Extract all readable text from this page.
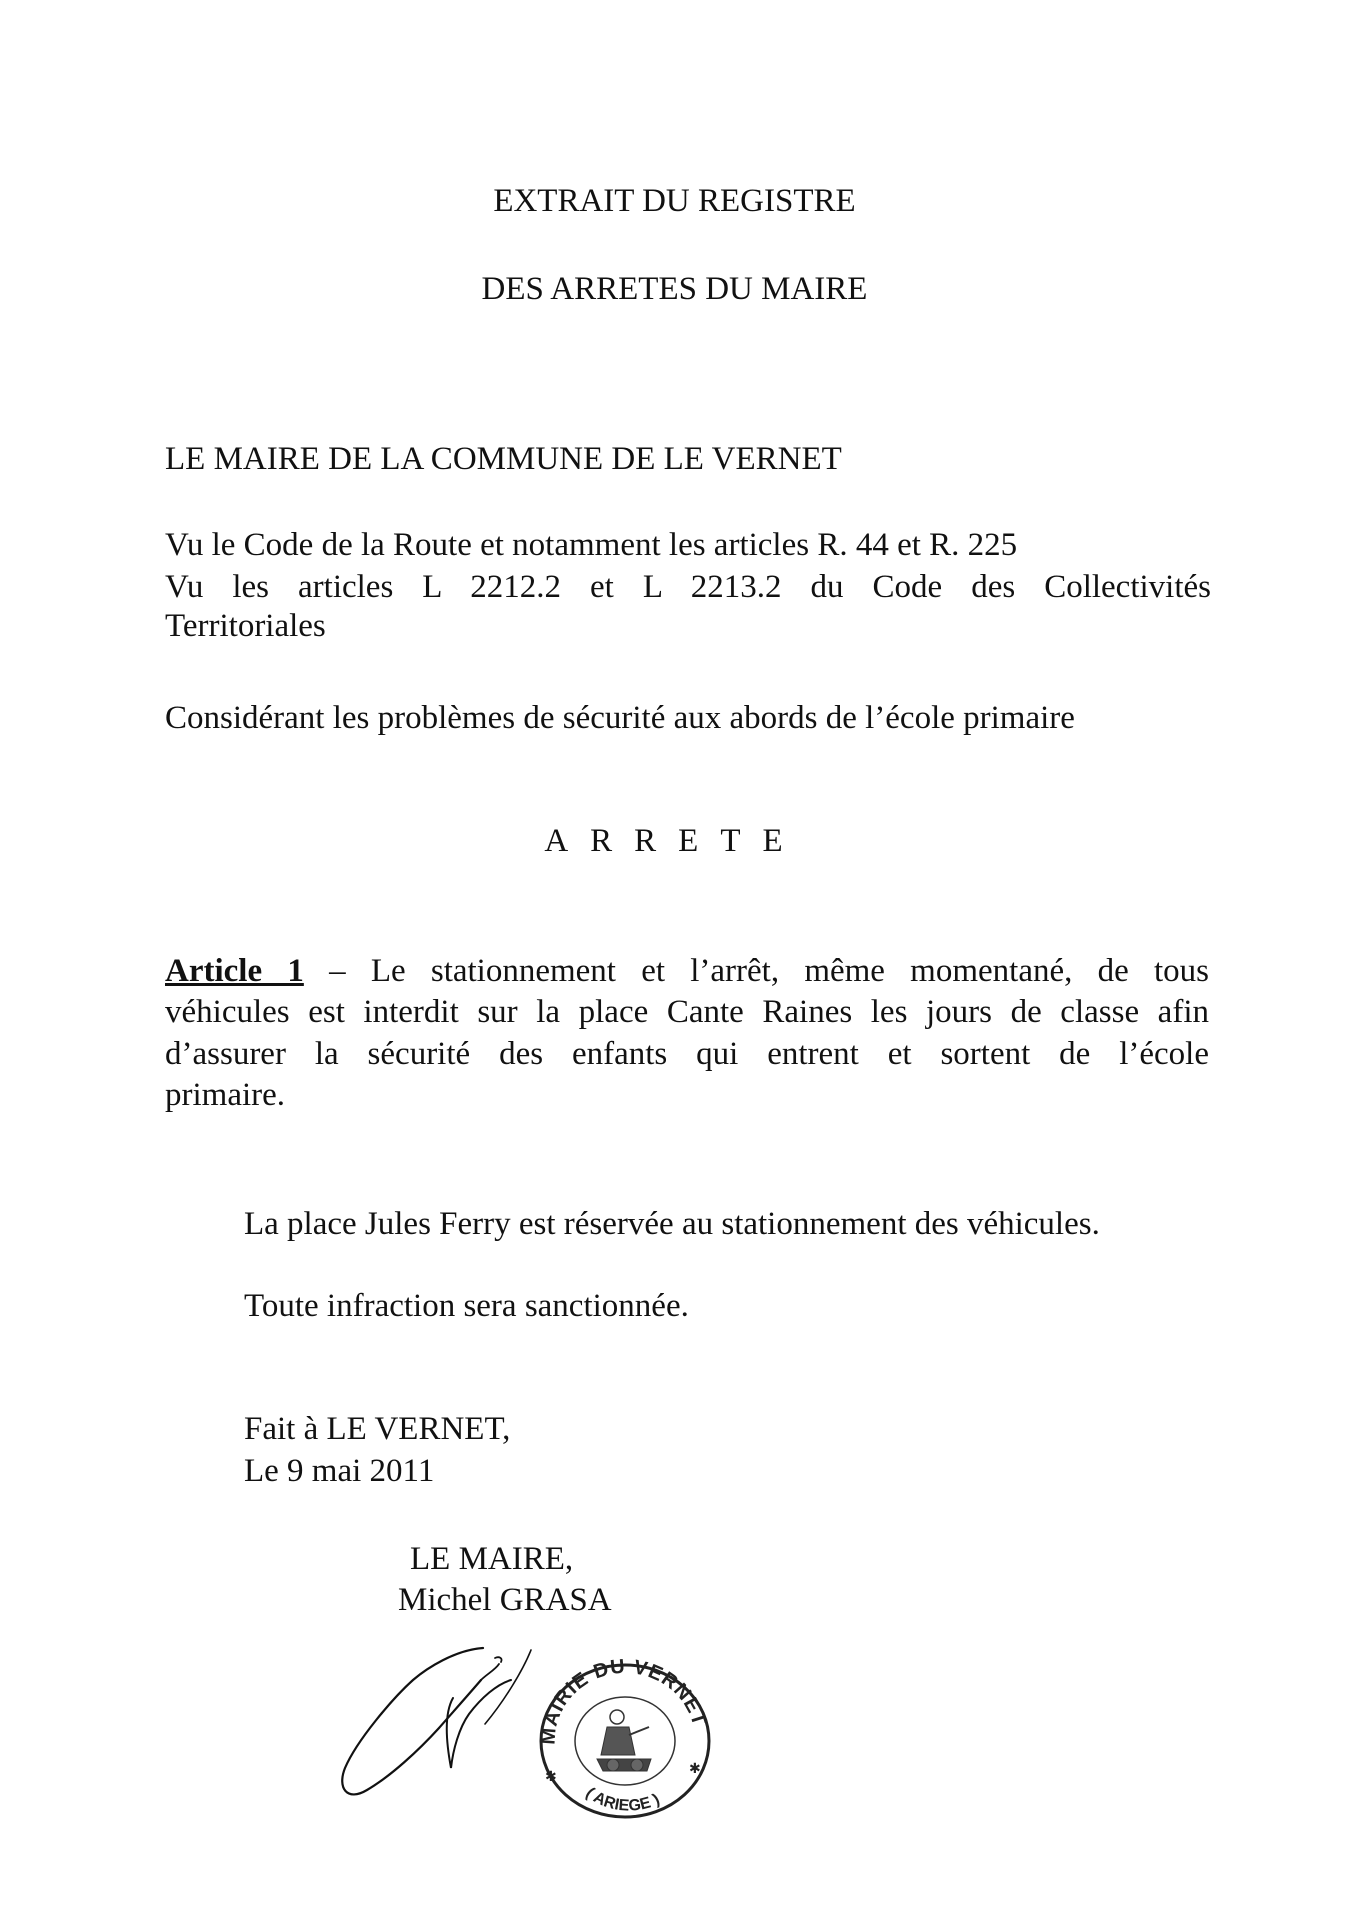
EXTRAIT DU REGISTRE
DES ARRETES DU MAIRE
LE MAIRE DE LA COMMUNE DE LE VERNET
Vu le Code de la Route et notamment les articles R. 44 et R. 225
Vu les articles L 2212.2 et L 2213.2 du Code des Collectivités
Territoriales
Considérant les problèmes de sécurité aux abords de l’école primaire
ARRETE
Article 1 – Le stationnement et l’arrêt, même momentané, de tous
véhicules est interdit sur la place Cante Raines les jours de classe afin
d’assurer la sécurité des enfants qui entrent et sortent de l’école
primaire.
La place Jules Ferry est réservée au stationnement des véhicules.
Toute infraction sera sanctionnée.
Fait à LE VERNET,
Le 9 mai 2011
LE MAIRE,
Michel GRASA
MAIRIE DU VERNET
( ARIEGE )
✱
✱
